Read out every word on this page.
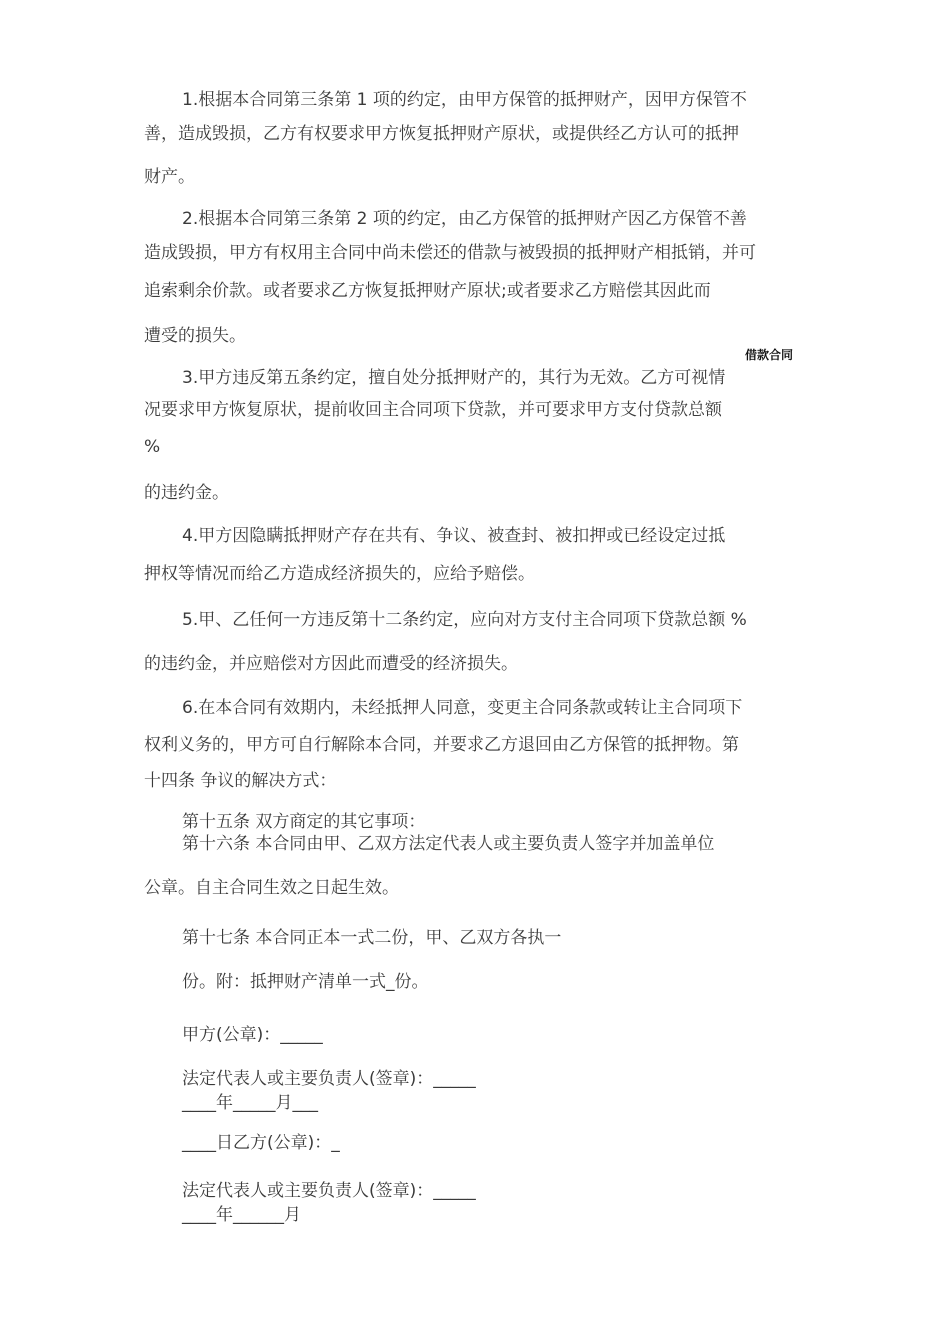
借款合同
1.根据本合同第三条第 1 项的约定，由甲方保管的抵押财产，因甲方保管不
善，造成毁损，乙方有权要求甲方恢复抵押财产原状，或提供经乙方认可的抵押
财产。
2.根据本合同第三条第 2 项的约定，由乙方保管的抵押财产因乙方保管不善
造成毁损，甲方有权用主合同中尚未偿还的借款与被毁损的抵押财产相抵销，并可
追索剩余价款。或者要求乙方恢复抵押财产原状;或者要求乙方赔偿其因此而
遭受的损失。
3.甲方违反第五条约定，擅自处分抵押财产的，其行为无效。乙方可视情
况要求甲方恢复原状，提前收回主合同项下贷款，并可要求甲方支付贷款总额
%
的违约金。
4.甲方因隐瞒抵押财产存在共有、争议、被查封、被扣押或已经设定过抵
押权等情况而给乙方造成经济损失的，应给予赔偿。
5.甲、乙任何一方违反第十二条约定，应向对方支付主合同项下贷款总额 %
的违约金，并应赔偿对方因此而遭受的经济损失。
6.在本合同有效期内，未经抵押人同意，变更主合同条款或转让主合同项下
权利义务的，甲方可自行解除本合同，并要求乙方退回由乙方保管的抵押物。第
十四条 争议的解决方式：
第十五条 双方商定的其它事项：
第十六条 本合同由甲、乙双方法定代表人或主要负责人签字并加盖单位
公章。自主合同生效之日起生效。
第十七条 本合同正本一式二份，甲、乙双方各执一
份。附：抵押财产清单一式_份。
甲方(公章)：_____
法定代表人或主要负责人(签章)：_____
____年_____月___
____日乙方(公章)：_
法定代表人或主要负责人(签章)：_____
____年______月
